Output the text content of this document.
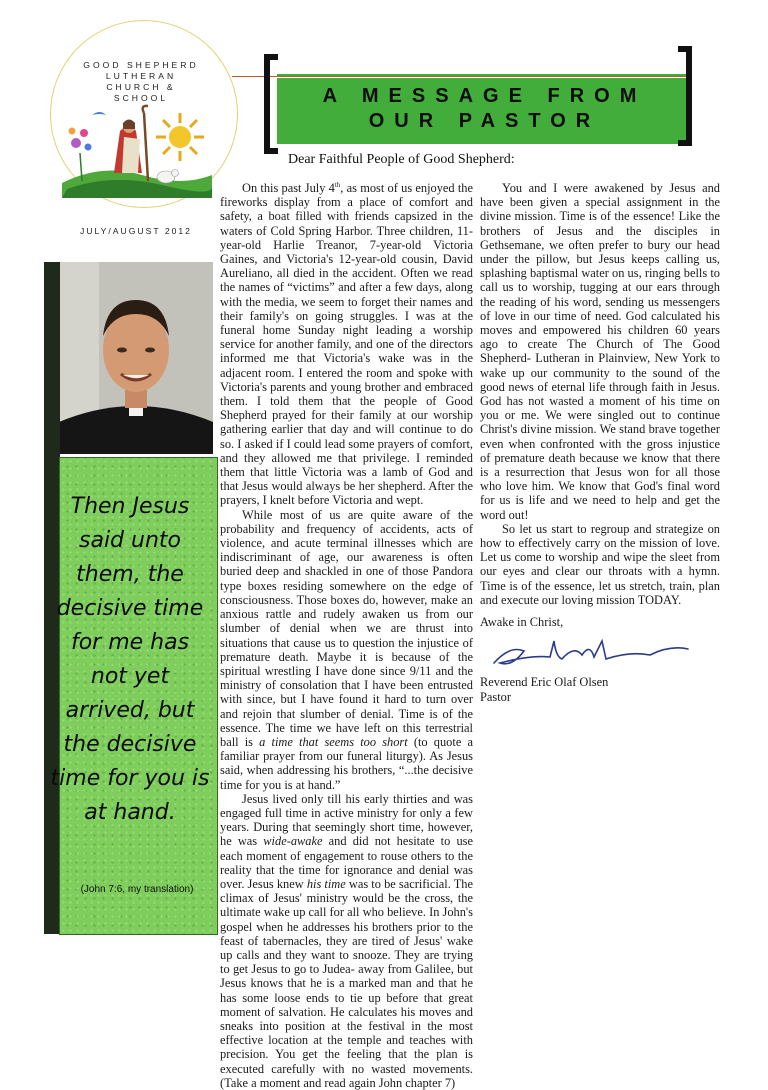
GOOD SHEPHERD
LUTHERAN
CHURCH &
SCHOOL
JULY/AUGUST 2012
Then Jesus said unto them, the decisive time for me has not yet arrived, but the decisive time for you is at hand.
(John 7:6, my translation)
A MESSAGE FROM
OUR PASTOR
Dear Faithful People of Good Shepherd:

On this past July 4th, as most of us enjoyed the fireworks display from a place of comfort and safety, a boat filled with friends capsized in the waters of Cold Spring Harbor. Three children, 11-year-old Harlie Treanor, 7-year-old Victoria Gaines, and Victoria's 12-year-old cousin, David Aureliano, all died in the accident. Often we read the names of “victims” and after a few days, along with the media, we seem to forget their names and their family's on going struggles. I was at the funeral home Sunday night leading a worship service for another family, and one of the directors informed me that Victoria's wake was in the adjacent room. I entered the room and spoke with Victoria's parents and young brother and embraced them. I told them that the people of Good Shepherd prayed for their family at our worship gathering earlier that day and will continue to do so. I asked if I could lead some prayers of comfort, and they allowed me that privilege. I reminded them that little Victoria was a lamb of God and that Jesus would always be her shepherd. After the prayers, I knelt before Victoria and wept.

While most of us are quite aware of the probability and frequency of accidents, acts of violence, and acute terminal illnesses which are indiscriminant of age, our awareness is often buried deep and shackled in one of those Pandora type boxes residing somewhere on the edge of consciousness. Those boxes do, however, make an anxious rattle and rudely awaken us from our slumber of denial when we are thrust into situations that cause us to question the injustice of premature death. Maybe it is because of the spiritual wrestling I have done since 9/11 and the ministry of consolation that I have been entrusted with since, but I have found it hard to turn over and rejoin that slumber of denial. Time is of the essence. The time we have left on this terrestrial ball is a time that seems too short (to quote a familiar prayer from our funeral liturgy). As Jesus said, when addressing his brothers, “...the decisive time for you is at hand.”

Jesus lived only till his early thirties and was engaged full time in active ministry for only a few years. During that seemingly short time, however, he was wide-awake and did not hesitate to use each moment of engagement to rouse others to the reality that the time for ignorance and denial was over. Jesus knew his time was to be sacrificial. The climax of Jesus' ministry would be the cross, the ultimate wake up call for all who believe. In John's gospel when he addresses his brothers prior to the feast of tabernacles, they are tired of Jesus' wake up calls and they want to snooze. They are trying to get Jesus to go to Judea- away from Galilee, but Jesus knows that he is a marked man and that he has some loose ends to tie up before that great moment of salvation. He calculates his moves and sneaks into position at the festival in the most effective location at the temple and teaches with precision. You get the feeling that the plan is executed carefully with no wasted movements. (Take a moment and read again John chapter 7)

You and I were awakened by Jesus and have been given a special assignment in the divine mission. Time is of the essence! Like the brothers of Jesus and the disciples in Gethsemane, we often prefer to bury our head under the pillow, but Jesus keeps calling us, splashing baptismal water on us, ringing bells to call us to worship, tugging at our ears through the reading of his word, sending us messengers of love in our time of need. God calculated his moves and empowered his children 60 years ago to create The Church of The Good Shepherd- Lutheran in Plainview, New York to wake up our community to the sound of the good news of eternal life through faith in Jesus. God has not wasted a moment of his time on you or me. We were singled out to continue Christ's divine mission. We stand brave together even when confronted with the gross injustice of premature death because we know that there is a resurrection that Jesus won for all those who love him. We know that God's final word for us is life and we need to help and get the word out!

So let us start to regroup and strategize on how to effectively carry on the mission of love. Let us come to worship and wipe the sleet from our eyes and clear our throats with a hymn. Time is of the essence, let us stretch, train, plan and execute our loving mission TODAY.

Awake in Christ,

Reverend Eric Olaf Olsen

Pastor
